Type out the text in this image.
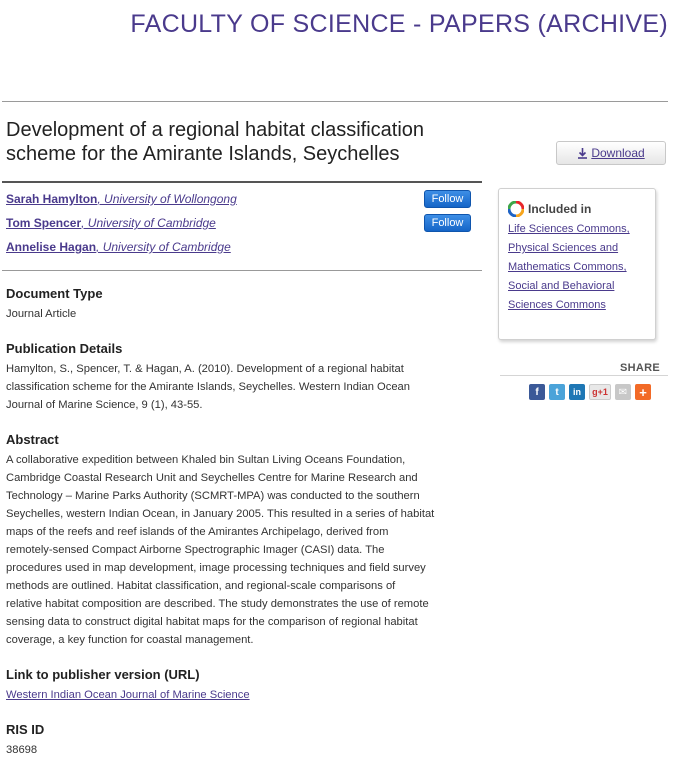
FACULTY OF SCIENCE - PAPERS (ARCHIVE)
Development of a regional habitat classification scheme for the Amirante Islands, Seychelles	Download
Sarah Hamylton, University of Wollongong	Follow
Tom Spencer, University of Cambridge	Follow
Annelise Hagan, University of Cambridge
Document Type

Journal Article

Publication Details

Hamylton, S., Spencer, T. & Hagan, A. (2010). Development of a regional habitat
classification scheme for the Amirante Islands, Seychelles. Western Indian Ocean
Journal of Marine Science, 9 (1), 43-55.

Abstract

A collaborative expedition between Khaled bin Sultan Living Oceans Foundation,
Cambridge Coastal Research Unit and Seychelles Centre for Marine Research and
Technology – Marine Parks Authority (SCMRT-MPA) was conducted to the southern
Seychelles, western Indian Ocean, in January 2005. This resulted in a series of habitat
maps of the reefs and reef islands of the Amirantes Archipelago, derived from
remotely-sensed Compact Airborne Spectrographic Imager (CASI) data. The
procedures used in map development, image processing techniques and field survey
methods are outlined. Habitat classification, and regional-scale comparisons of
relative habitat composition are described. The study demonstrates the use of remote
sensing data to construct digital habitat maps for the comparison of regional habitat
coverage, a key function for coastal management.

Link to publisher version (URL)

Western Indian Ocean Journal of Marine Science

RIS ID

38698

Included in
Life Sciences Commons,
Physical Sciences and
Mathematics Commons,
Social and Behavioral
Sciences Commons

SHARE

f t in g+1 ✉ +
